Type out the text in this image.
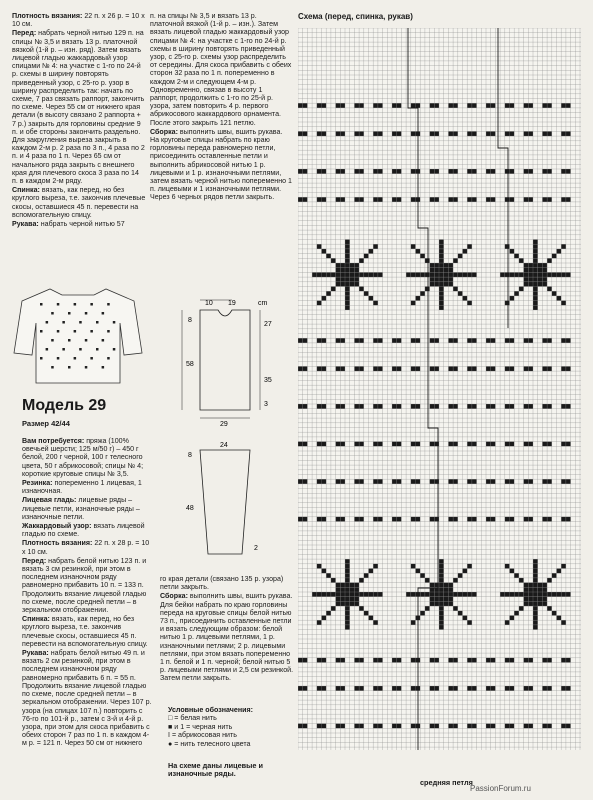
Плотность вязания: 22 п. х 26 р. = 10 х 10 см.

Перед: набрать черной нитью 129 п. на спицы № 3,5 и вязать 13 р. платочной вязкой (1-й р. – изн. ряд). Затем вязать лицевой гладью жаккардовый узор спицами № 4: на участке с 1-го по 24-й р. схемы в ширину повторять приведенный узор, с 25-го р. узор в ширину распределить так: начать по схеме, 7 раз связать раппорт, закончить по схеме. Через 55 см от нижнего края детали (в высоту связано 2 раппорта + 7 р.) закрыть для горловины средние 9 п. и обе стороны закончить раздельно. Для закругления выреза закрыть в каждом 2-м р. 2 раза по 3 п., 4 раза по 2 п. и 4 раза по 1 п. Через 65 см от начального ряда закрыть с внешнего края для плечевого скоса 3 раза по 14 п. в каждом 2-м ряду.

Спинка: вязать, как перед, но без круглого выреза, т.е. закончив плечевые скосы, оставшиеся 45 п. перевести на вспомогательную спицу.

Рукава: набрать черной нитью 57

п. на спицы № 3,5 и вязать 13 р. платочной вязкой (1-й р. – изн.). Затем вязать лицевой гладью жаккардовый узор спицами № 4: на участке с 1-го по 24-й р. схемы в ширину повторять приведенный узор, с 25-го р. схемы узор распределить от середины. Для скоса прибавить с обеих сторон 32 раза по 1 п. попеременно в каждом 2-м и следующем 4-м р. Одновременно, связав в высоту 1 раппорт, продолжить с 1-го по 25-й р. узора, затем повторить 4 р. первого абрикосового жаккардового орнамента. После этого закрыть 121 петлю.

Сборка: выполнить швы, вшить рукава. На круговые спицы набрать по краю горловины переда равномерно петли, присоединить оставленные петли и выполнить абрикосовой нитью 1 р. лицевыми и 1 р. изнаночными петлями, затем вязать черной нитью попеременно 1 п. лицевыми и 1 изнаночными петлями. Через 6 черных рядов петли закрыть.

Модель 29
Размер 42/44

Вам потребуется: пряжа (100% овечьей шерсти; 125 м/50 г) – 450 г белой, 200 г черной, 100 г телесного цвета, 50 г абрикосовой; спицы № 4; короткие круговые спицы № 3,5.

Резинка: попеременно 1 лицевая, 1 изнаночная.

Лицевая гладь: лицевые ряды – лицевые петли, изнаночные ряды – изнаночные петли.

Жаккардовый узор: вязать лицевой гладью по схеме.

Плотность вязания: 22 п. х 28 р. = 10 х 10 см.

Перед: набрать белой нитью 123 п. и вязать 3 см резинкой, при этом в последнем изнаночном ряду равномерно прибавить 10 п. = 133 п. Продолжить вязание лицевой гладью по схеме, после средней петли – в зеркальном отображении.

Спинка: вязать, как перед, но без круглого выреза, т.е. закончив плечевые скосы, оставшиеся 45 п. перевести на вспомогательную спицу.

Рукава: набрать белой нитью 49 п. и вязать 2 см резинкой, при этом в последнем изнаночном ряду равномерно прибавить 6 п. = 55 п. Продолжить вязание лицевой гладью по схеме, после средней петли – в зеркальном отображении. Через 107 р. узора (на спицах 107 п.) повторить с 76-го по 101-й р., затем с 3-й и 4-й р. узора, при этом для скоса прибавить с обеих сторон 7 раз по 1 п. в каждом 4-м р. = 121 п. Через 50 см от нижнего

10 19	cm
8
58
27
35
3
29
8
24
48
2

го края детали (связано 135 р. узора) петли закрыть.

Сборка: выполнить швы, вшить рукава. Для бейки набрать по краю горловины переда на круговые спицы белой нитью 73 п., присоединить оставленные петли и вязать следующим образом: белой нитью 1 р. лицевыми петлями, 1 р. изнаночными петлями; 2 р. лицевыми петлями, при этом вязать попеременно 1 п. белой и 1 п. черной; белой нитью 5 р. лицевыми петлями и 2,5 см резинкой. Затем петли закрыть.

Условные обозначения:
□ = белая нить
■ и 1 = черная нить
I = абрикосовая нить
● = нить телесного цвета
На схеме даны лицевые и изнаночные ряды.
Схема (перед, спинка, рукав)
средняя петля
PassionForum.ru
